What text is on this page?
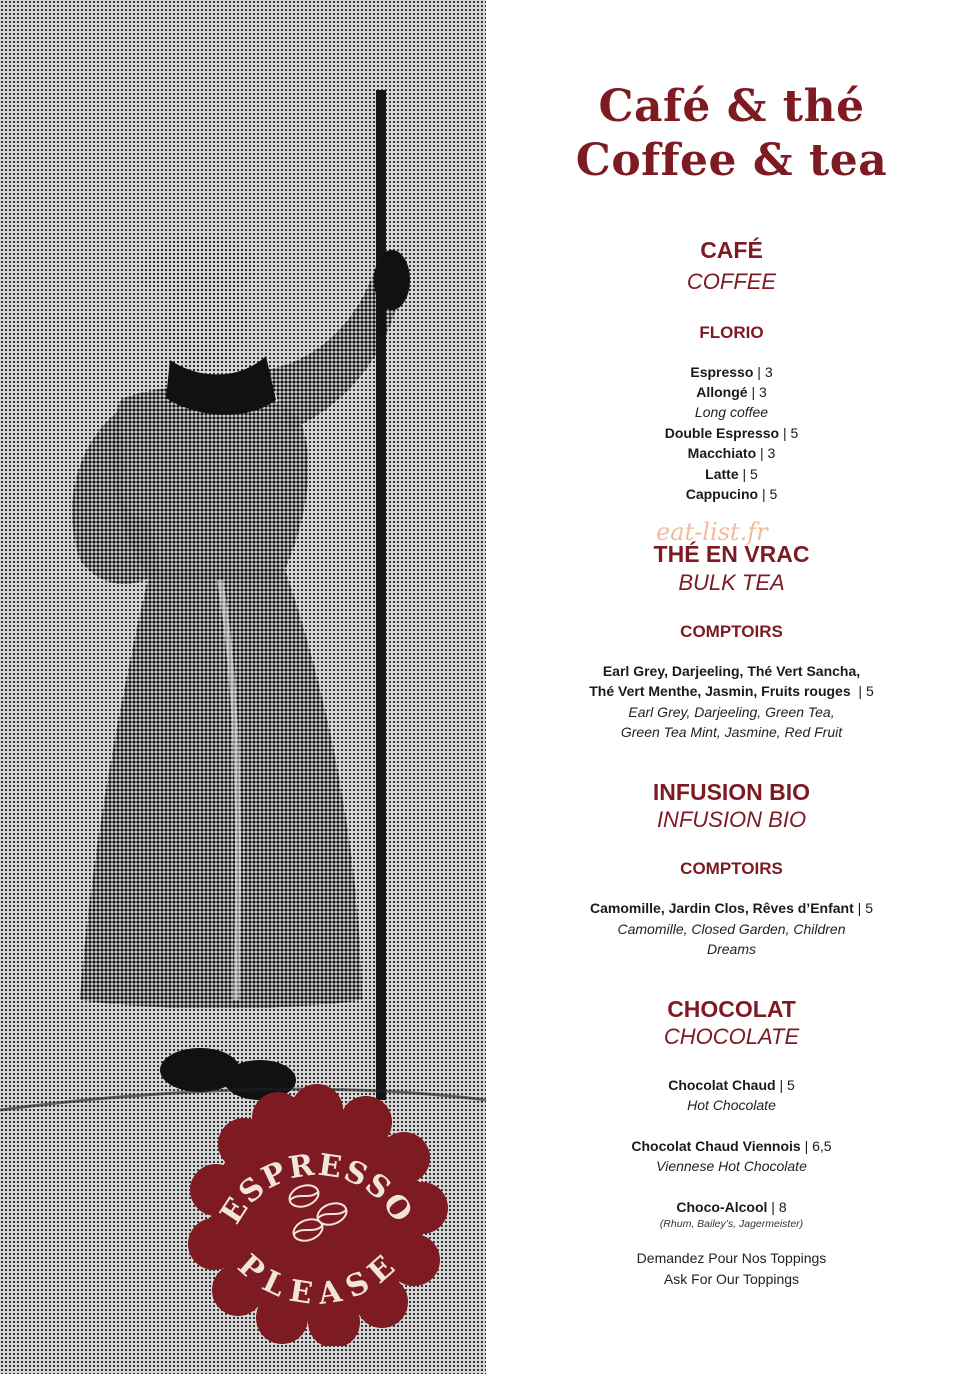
ESPRESSO
PLEASE
Café & thé
Coffee & tea
CAFÉ
COFFEE
FLORIO
Espresso | 3
Allongé | 3
Long coffee
Double Espresso | 5
Macchiato | 3
Latte | 5
Cappucino | 5
eat-list.fr
THÉ EN VRAC
BULK TEA
COMPTOIRS
Earl Grey, Darjeeling, Thé Vert Sancha,
Thé Vert Menthe, Jasmin, Fruits rouges  | 5
Earl Grey, Darjeeling, Green Tea,
Green Tea Mint, Jasmine, Red Fruit
INFUSION BIO
INFUSION BIO
COMPTOIRS
Camomille, Jardin Clos, Rêves d’Enfant | 5
Camomille, Closed Garden, Children
Dreams
CHOCOLAT
CHOCOLATE
Chocolat Chaud | 5
Hot Chocolate
Chocolat Chaud Viennois | 6,5
Viennese Hot Chocolate
Choco-Alcool | 8
(Rhum, Bailey’s, Jagermeister)
Demandez Pour Nos Toppings
Ask For Our Toppings
